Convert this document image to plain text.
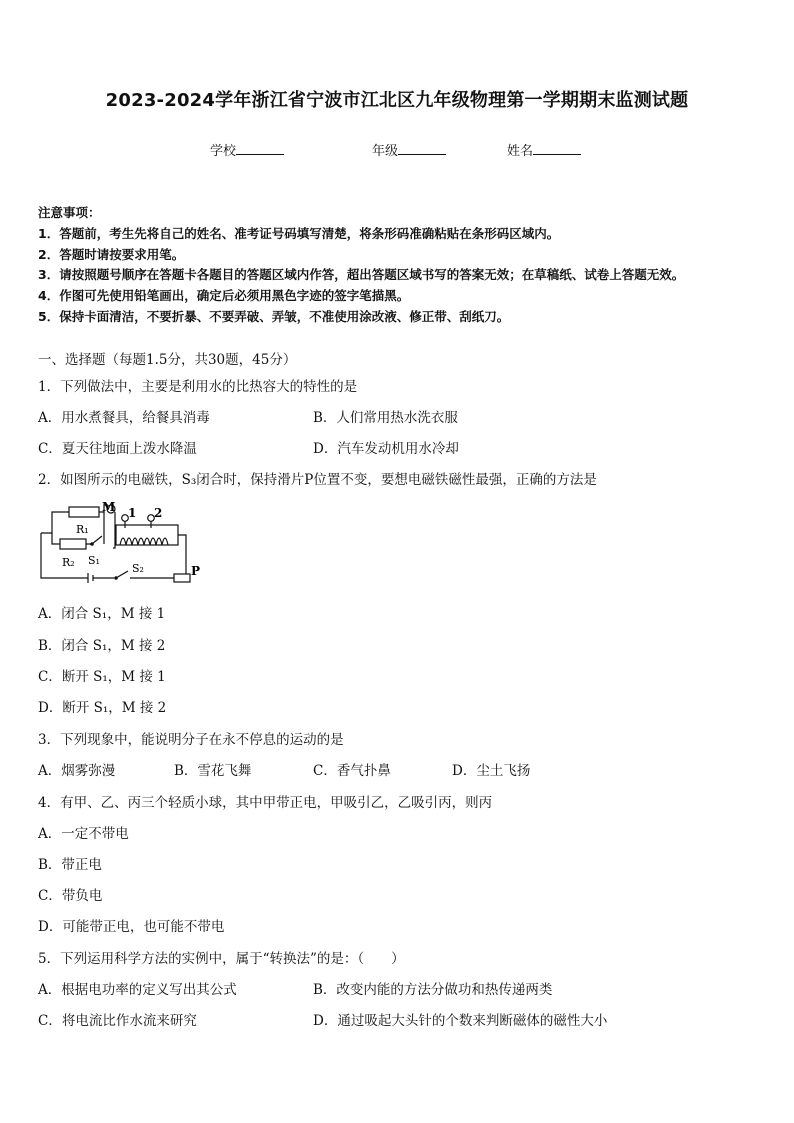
2023-2024学年浙江省宁波市江北区九年级物理第一学期期末监测试题
学校	年级	姓名
注意事项：
1．答题前，考生先将自己的姓名、准考证号码填写清楚，将条形码准确粘贴在条形码区域内。
2．答题时请按要求用笔。
3．请按照题号顺序在答题卡各题目的答题区域内作答，超出答题区域书写的答案无效；在草稿纸、试卷上答题无效。
4．作图可先使用铅笔画出，确定后必须用黑色字迹的签字笔描黑。
5．保持卡面清洁，不要折暴、不要弄破、弄皱，不准使用涂改液、修正带、刮纸刀。
一、选择题（每题1.5分，共30题，45分）
1．下列做法中，主要是利用水的比热容大的特性的是
A．用水煮餐具，给餐具消毒	B．人们常用热水洗衣服
C．夏天往地面上泼水降温	D．汽车发动机用水冷却
2．如图所示的电磁铁，S₃闭合时，保持滑片P位置不变，要想电磁铁磁性最强，正确的方法是
M 1 2
R₁
R₂ S₁
S₂	P
A．闭合 S₁，M 接 1
B．闭合 S₁，M 接 2
C．断开 S₁，M 接 1
D．断开 S₁，M 接 2
3．下列现象中，能说明分子在永不停息的运动的是
A．烟雾弥漫	B．雪花飞舞	C．香气扑鼻	D．尘土飞扬
4．有甲、乙、丙三个轻质小球，其中甲带正电，甲吸引乙，乙吸引丙，则丙
A．一定不带电
B．带正电
C．带负电
D．可能带正电，也可能不带电
5．下列运用科学方法的实例中，属于“转换法”的是：（　　）
A．根据电功率的定义写出其公式	B．改变内能的方法分做功和热传递两类
C．将电流比作水流来研究	D．通过吸起大头针的个数来判断磁体的磁性大小
